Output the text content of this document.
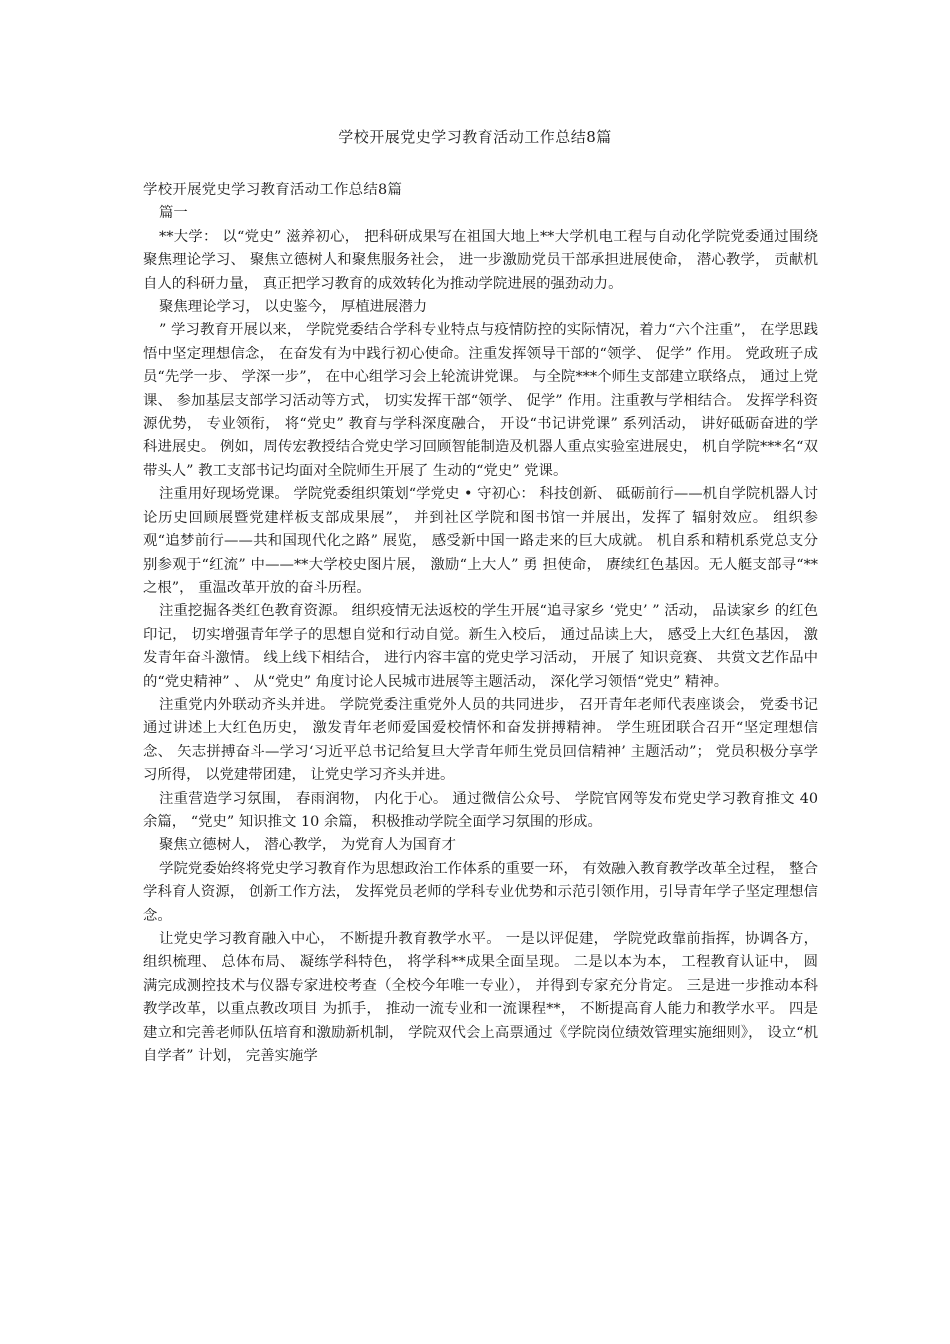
学校开展党史学习教育活动工作总结8篇

学校开展党史学习教育活动工作总结8篇

篇一

**大学： 以“党史” 滋养初心， 把科研成果写在祖国大地上**大学机电工程与自动化学院党委通过围绕聚焦理论学习、 聚焦立德树人和聚焦服务社会， 进一步激励党员干部承担进展使命， 潜心教学， 贡献机自人的科研力量， 真正把学习教育的成效转化为推动学院进展的强劲动力。

聚焦理论学习， 以史鉴今， 厚植进展潜力

” 学习教育开展以来， 学院党委结合学科专业特点与疫情防控的实际情况，着力“六个注重”， 在学思践悟中坚定理想信念， 在奋发有为中践行初心使命。注重发挥领导干部的“领学、 促学” 作用。 党政班子成员“先学一步、 学深一步”， 在中心组学习会上轮流讲党课。 与全院***个师生支部建立联络点， 通过上党课、 参加基层支部学习活动等方式， 切实发挥干部“领学、 促学” 作用。注重教与学相结合。 发挥学科资源优势， 专业领衔， 将“党史” 教育与学科深度融合， 开设“书记讲党课” 系列活动， 讲好砥砺奋进的学科进展史。 例如，周传宏教授结合党史学习回顾智能制造及机器人重点实验室进展史， 机自学院***名“双带头人” 教工支部书记均面对全院师生开展了 生动的“党史” 党课。

注重用好现场党课。 学院党委组织策划“学党史 • 守初心： 科技创新、 砥砺前行——机自学院机器人讨论历史回顾展暨党建样板支部成果展”， 并到社区学院和图书馆一并展出，发挥了 辐射效应。 组织参观“追梦前行——共和国现代化之路” 展览， 感受新中国一路走来的巨大成就。 机自系和精机系党总支分别参观于“红流” 中——**大学校史图片展， 激励“上大人” 勇 担使命， 赓续红色基因。无人艇支部寻“**之根”， 重温改革开放的奋斗历程。

注重挖掘各类红色教育资源。 组织疫情无法返校的学生开展“追寻家乡 ‘党史’ ” 活动， 品读家乡 的红色印记， 切实增强青年学子的思想自觉和行动自觉。新生入校后， 通过品读上大， 感受上大红色基因， 激发青年奋斗激情。 线上线下相结合， 进行内容丰富的党史学习活动， 开展了 知识竞赛、 共赏文艺作品中的“党史精神” 、 从“党史” 角度讨论人民城市进展等主题活动， 深化学习领悟“党史” 精神。

注重党内外联动齐头并进。 学院党委注重党外人员的共同进步， 召开青年老师代表座谈会， 党委书记通过讲述上大红色历史， 激发青年老师爱国爱校情怀和奋发拼搏精神。 学生班团联合召开“坚定理想信念、 矢志拼搏奋斗—学习‘习近平总书记给复旦大学青年师生党员回信精神’ 主题活动”； 党员积极分享学习所得， 以党建带团建， 让党史学习齐头并进。

注重营造学习氛围， 春雨润物， 内化于心。 通过微信公众号、 学院官网等发布党史学习教育推文 40 余篇， “党史” 知识推文 10 余篇， 积极推动学院全面学习氛围的形成。

聚焦立德树人， 潜心教学， 为党育人为国育才

学院党委始终将党史学习教育作为思想政治工作体系的重要一环， 有效融入教育教学改革全过程， 整合学科育人资源， 创新工作方法， 发挥党员老师的学科专业优势和示范引领作用，引导青年学子坚定理想信念。

让党史学习教育融入中心， 不断提升教育教学水平。 一是以评促建， 学院党政靠前指挥，协调各方， 组织梳理、 总体布局、 凝练学科特色， 将学科**成果全面呈现。 二是以本为本， 工程教育认证中， 圆满完成测控技术与仪器专家进校考查（全校今年唯一专业）， 并得到专家充分肯定。 三是进一步推动本科教学改革，以重点教改项目 为抓手， 推动一流专业和一流课程**， 不断提高育人能力和教学水平。 四是建立和完善老师队伍培育和激励新机制， 学院双代会上高票通过《学院岗位绩效管理实施细则》， 设立“机自学者” 计划， 完善实施学
